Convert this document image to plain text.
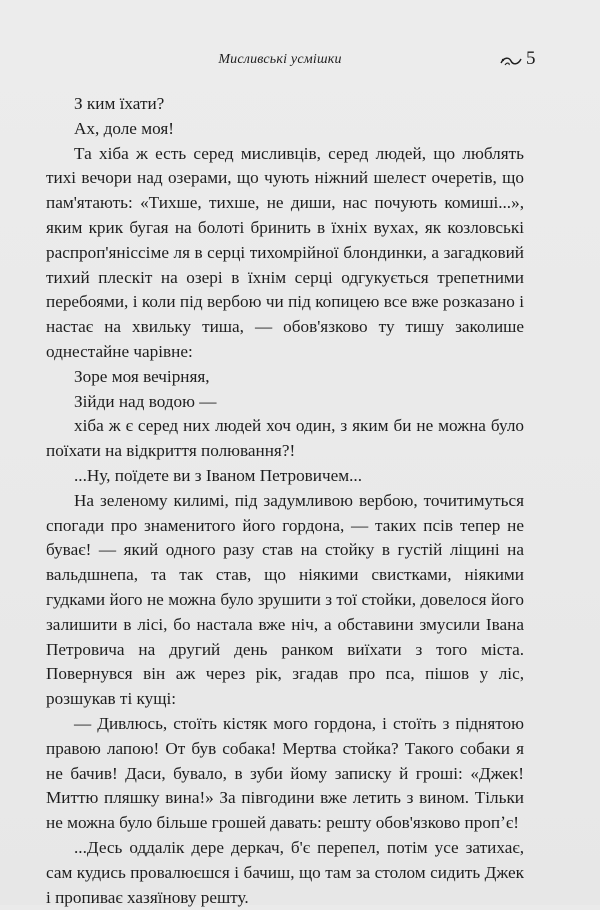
Мисливські усмішки	5

З ким їхати?

Ах, доле моя!

Та хіба ж есть серед мисливців, серед людей, що люблять тихі вечори над озерами, що чують ніжний шелест очеретів, що пам'ятають: «Тихше, тихше, не диши, нас почують комиші...», яким крик бугая на болоті бринить в їхніх вухах, як козловські распроп'янісcіме ля в серці тихомрійної блондинки, а загадковий тихий плескіт на озері в їхнім серці одгукується трепетними перебоями, і коли під вербою чи під копицею все вже розказано і настає на хвильку тиша, — обов'язково ту тишу заколише однестайне чарівне:

Зоре моя вечірняя,

Зійди над водою —

хіба ж є серед них людей хоч один, з яким би не можна було поїхати на відкриття полювання?!

...Ну, поїдете ви з Іваном Петровичем...

На зеленому килимі, під задумливою вербою, точитимуться спогади про знаменитого його гордона, — таких псів тепер не буває! — який одного разу став на стойку в густій ліщині на вальдшнепа, та так став, що ніякими свистками, ніякими гудками його не можна було зрушити з тої стойки, довелося його залишити в лісі, бо настала вже ніч, а обставини змусили Івана Петровича на другий день ранком виїхати з того міста. Повернувся він аж через рік, згадав про пса, пішов у ліс, розшукав ті кущі:

— Дивлюсь, стоїть кістяк мого гордона, і стоїть з піднятою правою лапою! От був собака! Мертва стойка? Такого собаки я не бачив! Даси, бувало, в зуби йому записку й гроші: «Джек! Миттю пляшку вина!» За півгодини вже летить з вином. Тільки не можна було більше грошей давать: решту обов'язково пропʼє!

...Десь оддалік дере деркач, б'є перепел, потім усе затихає, сам кудись провалюєшся і бачиш, що там за столом сидить Джек і пропиває хазяїнову решту.
